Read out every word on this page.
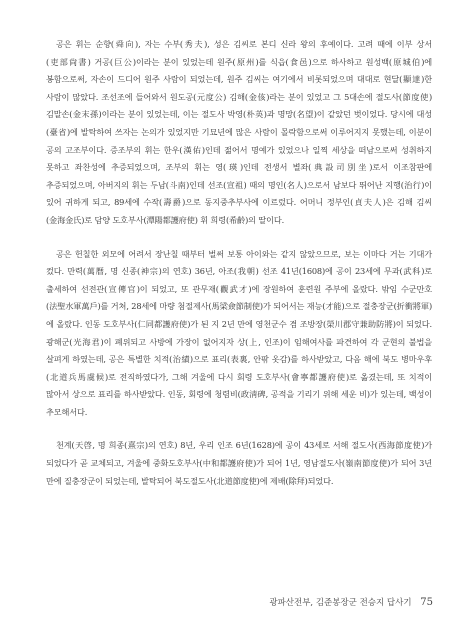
공은 휘는 순향(舜向), 자는 수부(秀夫), 성은 김씨로 본디 신라 왕의 후예이다. 고려 때에 이부 상서(吏部尙書) 거공(巨公)이라는 분이 있었는데 원주(原州)를 식읍(食邑)으로 하사하고 원성백(原城伯)에 봉함으로써, 자손이 드디어 원주 사람이 되었는데, 원주 김씨는 여기에서 비롯되었으며 대대로 현달(顯達)한 사람이 많았다. 조선조에 들어와서 원도공(元度公) 김해(金侅)라는 분이 있었고 그 5대손에 절도사(節度使) 김말손(金末孫)이라는 분이 있었는데, 이는 절도사 박영(朴英)과 명망(名望)이 같았던 벗이었다. 당시에 대성(臺省)에 발탁하여 쓰자는 논의가 있었지만 기묘년에 많은 사람이 몰락함으로써 이루어지지 못했는데, 이분이 공의 고조부이다. 증조부의 휘는 한우(漢佑)인데 젊어서 명예가 있었으나 일찍 세상을 떠남으로써 성취하지 못하고 좌찬성에 추증되었으며, 조부의 휘는 영(瑛)인데 전생서 별좌(典設司別坐)로서 이조참판에 추증되었으며, 아버지의 휘는 두남(斗南)인데 선조(宣祖) 때의 명인(名人)으로서 남보다 뛰어난 지행(治行)이 있어 귀하게 되고, 89세에 수작(壽爵)으로 동지중추부사에 이르렀다. 어머니 정부인(貞夫人)은 김해 김씨(金海金氏)로 담양 도호부사(潭陽都護府使) 휘 희령(希齡)의 딸이다.

공은 헌칠한 외모에 어려서 장난칠 때부터 벌써 보통 아이와는 같지 않았으므로, 보는 이마다 거는 기대가 컸다. 만력(萬曆, 명 신종(神宗)의 연호) 36년, 아조(我朝) 선조 41년(1608)에 공이 23세에 무과(武科)로 출세하여 선전관(宣傳官)이 되었고, 또 관무재(觀武才)에 장원하여 훈련원 주부에 올랐다. 밖임 수군만호(法聖水軍萬戶)를 거쳐, 28세에 마량 첨절제사(馬梁僉節制使)가 되어서는 재능(才能)으로 절충장군(折衝將軍)에 올랐다. 인동 도호부사(仁同都護府使)가 된 지 2년 만에 영천군수 겸 조방장(榮川郡守兼助防將)이 되었다. 광해군(光海君)이 폐위되고 사방에 가장이 없어지자 상(上, 인조)이 임해여사를 파견하여 각 군현의 불법을 살펴게 하였는데, 공은 특별한 치적(治績)으로 표리(表裏, 안팎 옷감)를 하사받았고, 다음 해에 북도 병마우후(北道兵馬虞候)로 전직하였다가, 그해 겨울에 다시 회령 도호부사(會寧都護府使)로 옮겼는데, 또 치적이 많아서 상으로 표리를 하사받았다. 인동, 회령에 청렴비(政淸碑, 공적을 기리기 위해 세운 비)가 있는데, 백성이 추모해서다.

천계(天啓, 명 희종(熹宗)의 연호) 8년, 우리 인조 6년(1628)에 공이 43세로 서해 절도사(西海節度使)가 되었다가 곧 교체되고, 겨울에 중화도호부사(中和都護府使)가 되어 1년, 영남절도사(嶺南節度使)가 되어 3년 만에 질충장군이 되었는데, 발탁되어 북도절도사(北道節度使)에 제배(除拜)되었다.

광파산전부, 김준봉장군 전승지 답사기 75
